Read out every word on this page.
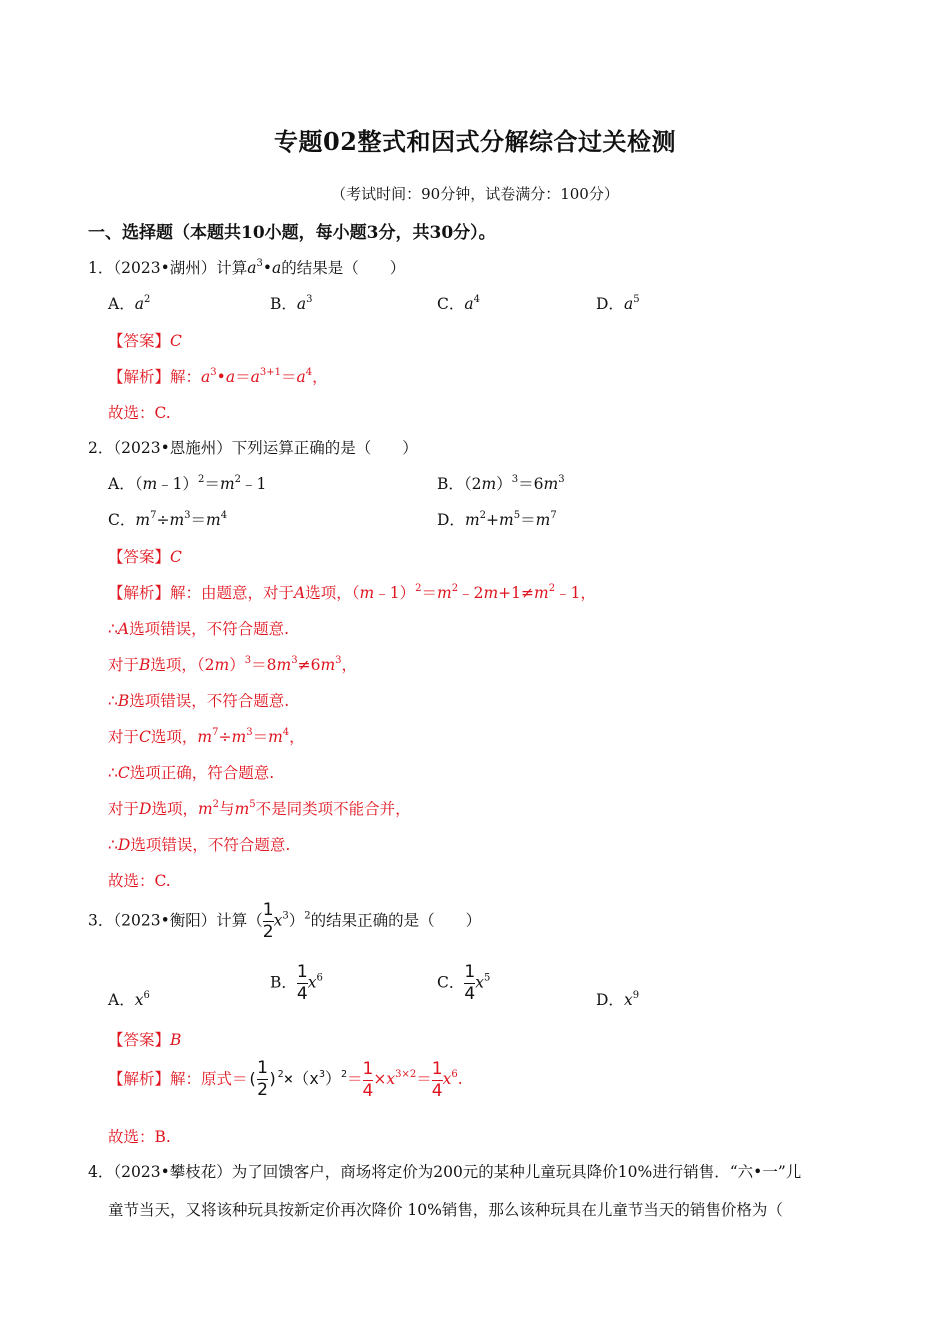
专题02整式和因式分解综合过关检测
（考试时间：90分钟，试卷满分：100分）
一、选择题（本题共10小题，每小题3分，共30分）。
1．（2023•湖州）计算$a^3•a$的结果是（　　）
A．$a^2$	B．$a^3$	C．$a^4$	D．$a^5$
【答案】C
【解析】解：$a^3•a=a^{3+1}=a^4$，
故选：C.
2．（2023•恩施州）下列运算正确的是（　　）
A．$(m﹣1)^2=m^2﹣1$	B．$(2m)^3=6m^3$
C．$m^7\div m^3=m^4$	D．$m^2+m^5=m^7$
【答案】C
【解析】解：由题意，对于A选项，$(m﹣1)^2=m^2﹣2m+1\ne m^2﹣1$，
∴A选项错误，不符合题意.
对于B选项，$(2m)^3=8m^3\ne 6m^3$，
∴B选项错误，不符合题意.
对于C选项，$m^7\div m^3=m^4$，
∴C选项正确，符合题意.
对于D选项，$m^2$与$m^5$不是同类项不能合并，
∴D选项错误，不符合题意.
故选：C.
3．（2023•衡阳）计算（ $\frac{1}{2} x^3)^2$的结果正确的是（　　）
A．$x^6$
B． $\frac{1}{4} x^6$	C． $\frac{1}{4} x^5$
D．$x^9$
【答案】B
【解析】解：原式＝( $\frac{1}{2} )^2\times(x^3)^2= \frac{1}{4} \times x^{3\times 2}= \frac{1}{4} x^6$.
故选：B.
4．（2023•攀枝花）为了回馈客户，商场将定价为200元的某种儿童玩具降价10%进行销售．“六•一”儿
童节当天，又将该种玩具按新定价再次降价 10%销售，那么该种玩具在儿童节当天的销售价格为（
